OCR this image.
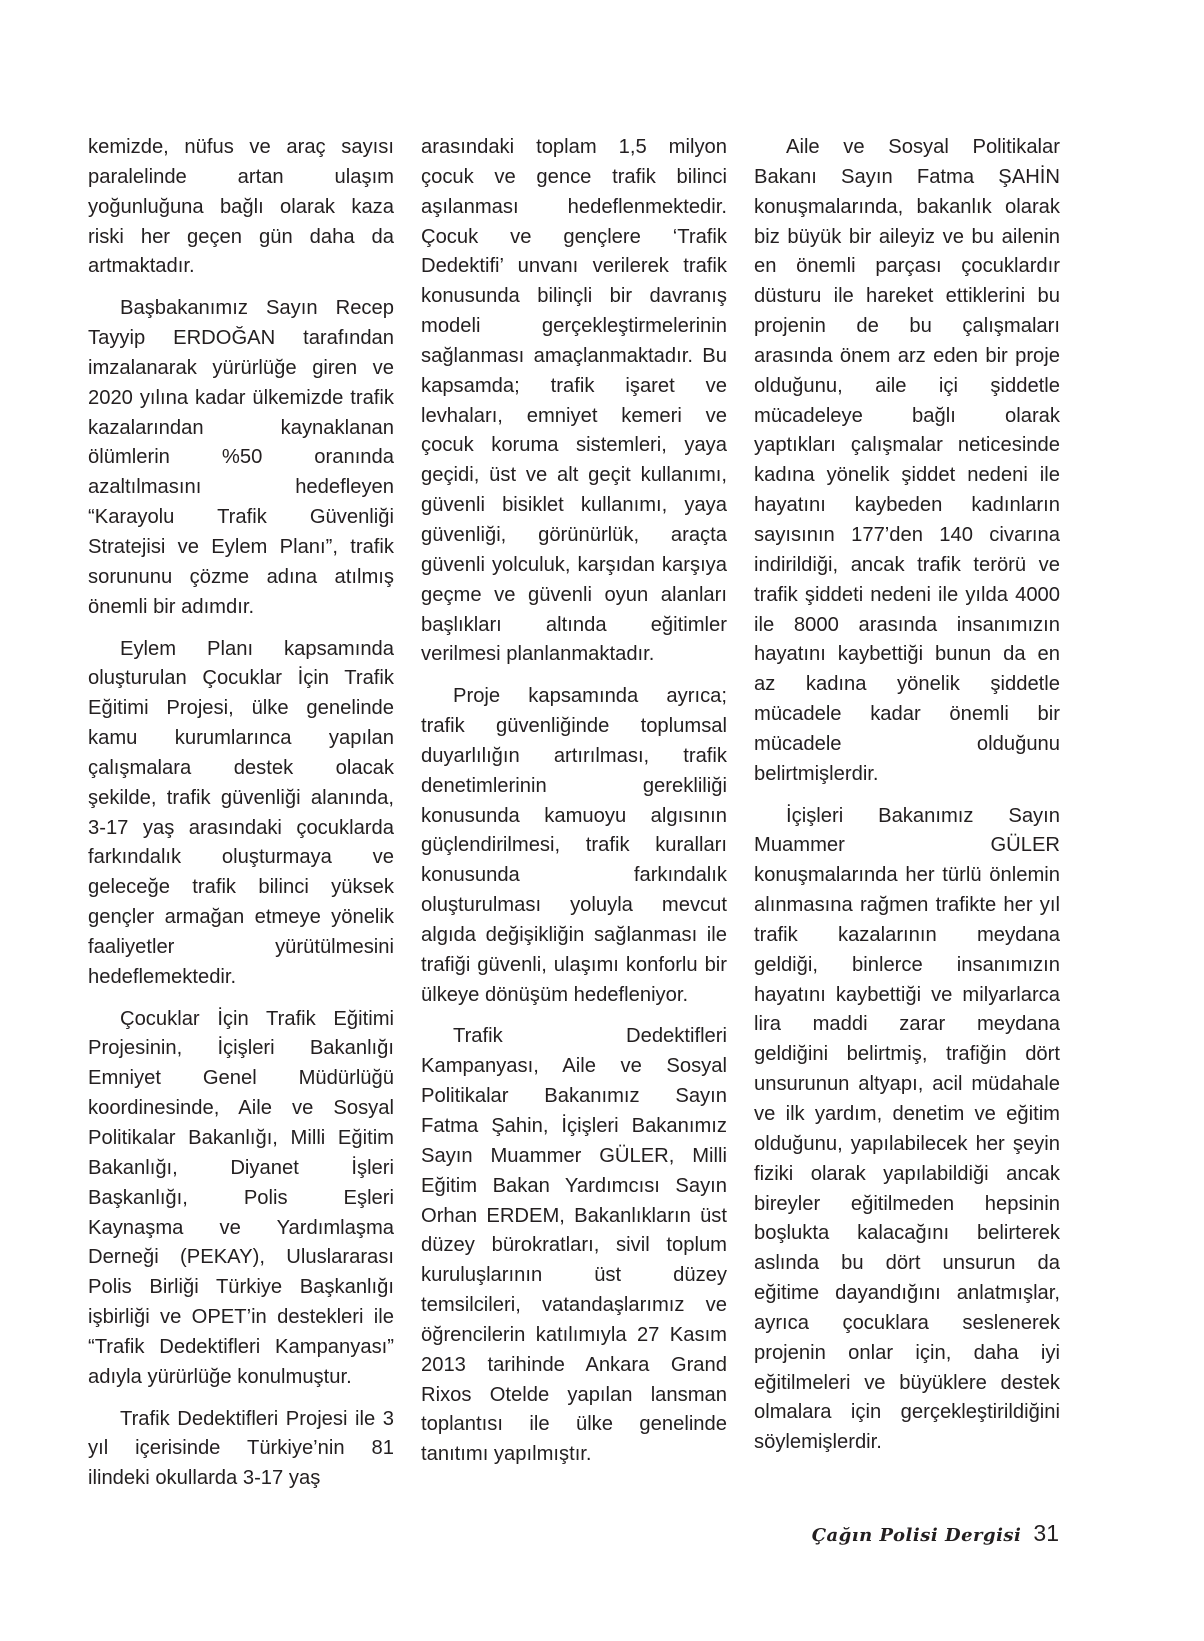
kemizde, nüfus ve araç sayısı paralelinde artan ulaşım yoğunluğuna bağlı olarak kaza riski her geçen gün daha da artmaktadır.

Başbakanımız Sayın Recep Tayyip ERDOĞAN tarafından imzalanarak yürürlüğe giren ve 2020 yılına kadar ülkemizde trafik kazalarından kaynaklanan ölümlerin %50 oranında azaltılmasını hedefleyen “Karayolu Trafik Güvenliği Stratejisi ve Eylem Planı”, trafik sorununu çözme adına atılmış önemli bir adımdır.

Eylem Planı kapsamında oluşturulan Çocuklar İçin Trafik Eğitimi Projesi, ülke genelinde kamu kurumlarınca yapılan çalışmalara destek olacak şekilde, trafik güvenliği alanında, 3-17 yaş arasındaki çocuklarda farkındalık oluşturmaya ve geleceğe trafik bilinci yüksek gençler armağan etmeye yönelik faaliyetler yürütülmesini hedeflemektedir.

Çocuklar İçin Trafik Eğitimi Projesinin, İçişleri Bakanlığı Emniyet Genel Müdürlüğü koordinesinde, Aile ve Sosyal Politikalar Bakanlığı, Milli Eğitim Bakanlığı, Diyanet İşleri Başkanlığı, Polis Eşleri Kaynaşma ve Yardımlaşma Derneği (PEKAY), Uluslararası Polis Birliği Türkiye Başkanlığı işbirliği ve OPET’in destekleri ile “Trafik Dedektifleri Kampanyası” adıyla yürürlüğe konulmuştur.

Trafik Dedektifleri Projesi ile 3 yıl içerisinde Türkiye’nin 81 ilindeki okullarda 3-17 yaş

arasındaki toplam 1,5 milyon çocuk ve gence trafik bilinci aşılanması hedeflenmektedir. Çocuk ve gençlere ‘Trafik Dedektifi’ unvanı verilerek trafik konusunda bilinçli bir davranış modeli gerçekleştirmelerinin sağlanması amaçlanmaktadır. Bu kapsamda; trafik işaret ve levhaları, emniyet kemeri ve çocuk koruma sistemleri, yaya geçidi, üst ve alt geçit kullanımı, güvenli bisiklet kullanımı, yaya güvenliği, görünürlük, araçta güvenli yolculuk, karşıdan karşıya geçme ve güvenli oyun alanları başlıkları altında eğitimler verilmesi planlanmaktadır.

Proje kapsamında ayrıca; trafik güvenliğinde toplumsal duyarlılığın artırılması, trafik denetimlerinin gerekliliği konusunda kamuoyu algısının güçlendirilmesi, trafik kuralları konusunda farkındalık oluşturulması yoluyla mevcut algıda değişikliğin sağlanması ile trafiği güvenli, ulaşımı konforlu bir ülkeye dönüşüm hedefleniyor.

Trafik Dedektifleri Kampanyası, Aile ve Sosyal Politikalar Bakanımız Sayın Fatma Şahin, İçişleri Bakanımız Sayın Muammer GÜLER, Milli Eğitim Bakan Yardımcısı Sayın Orhan ERDEM, Bakanlıkların üst düzey bürokratları, sivil toplum kuruluşlarının üst düzey temsilcileri, vatandaşlarımız ve öğrencilerin katılımıyla 27 Kasım 2013 tarihinde Ankara Grand Rixos Otelde yapılan lansman toplantısı ile ülke genelinde tanıtımı yapılmıştır.

Aile ve Sosyal Politikalar Bakanı Sayın Fatma ŞAHİN konuşmalarında, bakanlık olarak biz büyük bir aileyiz ve bu ailenin en önemli parçası çocuklardır düsturu ile hareket ettiklerini bu projenin de bu çalışmaları arasında önem arz eden bir proje olduğunu, aile içi şiddetle mücadeleye bağlı olarak yaptıkları çalışmalar neticesinde kadına yönelik şiddet nedeni ile hayatını kaybeden kadınların sayısının 177’den 140 civarına indirildiği, ancak trafik terörü ve trafik şiddeti nedeni ile yılda 4000 ile 8000 arasında insanımızın hayatını kaybettiği bunun da en az kadına yönelik şiddetle mücadele kadar önemli bir mücadele olduğunu belirtmişlerdir.

İçişleri Bakanımız Sayın Muammer GÜLER konuşmalarında her türlü önlemin alınmasına rağmen trafikte her yıl trafik kazalarının meydana geldiği, binlerce insanımızın hayatını kaybettiği ve milyarlarca lira maddi zarar meydana geldiğini belirtmiş, trafiğin dört unsurunun altyapı, acil müdahale ve ilk yardım, denetim ve eğitim olduğunu, yapılabilecek her şeyin fiziki olarak yapılabildiği ancak bireyler eğitilmeden hepsinin boşlukta kalacağını belirterek aslında bu dört unsurun da eğitime dayandığını anlatmışlar, ayrıca çocuklara seslenerek projenin onlar için, daha iyi eğitilmeleri ve büyüklere destek olmalara için gerçekleştirildiğini söylemişlerdir.

Çağın Polisi Dergisi 31
